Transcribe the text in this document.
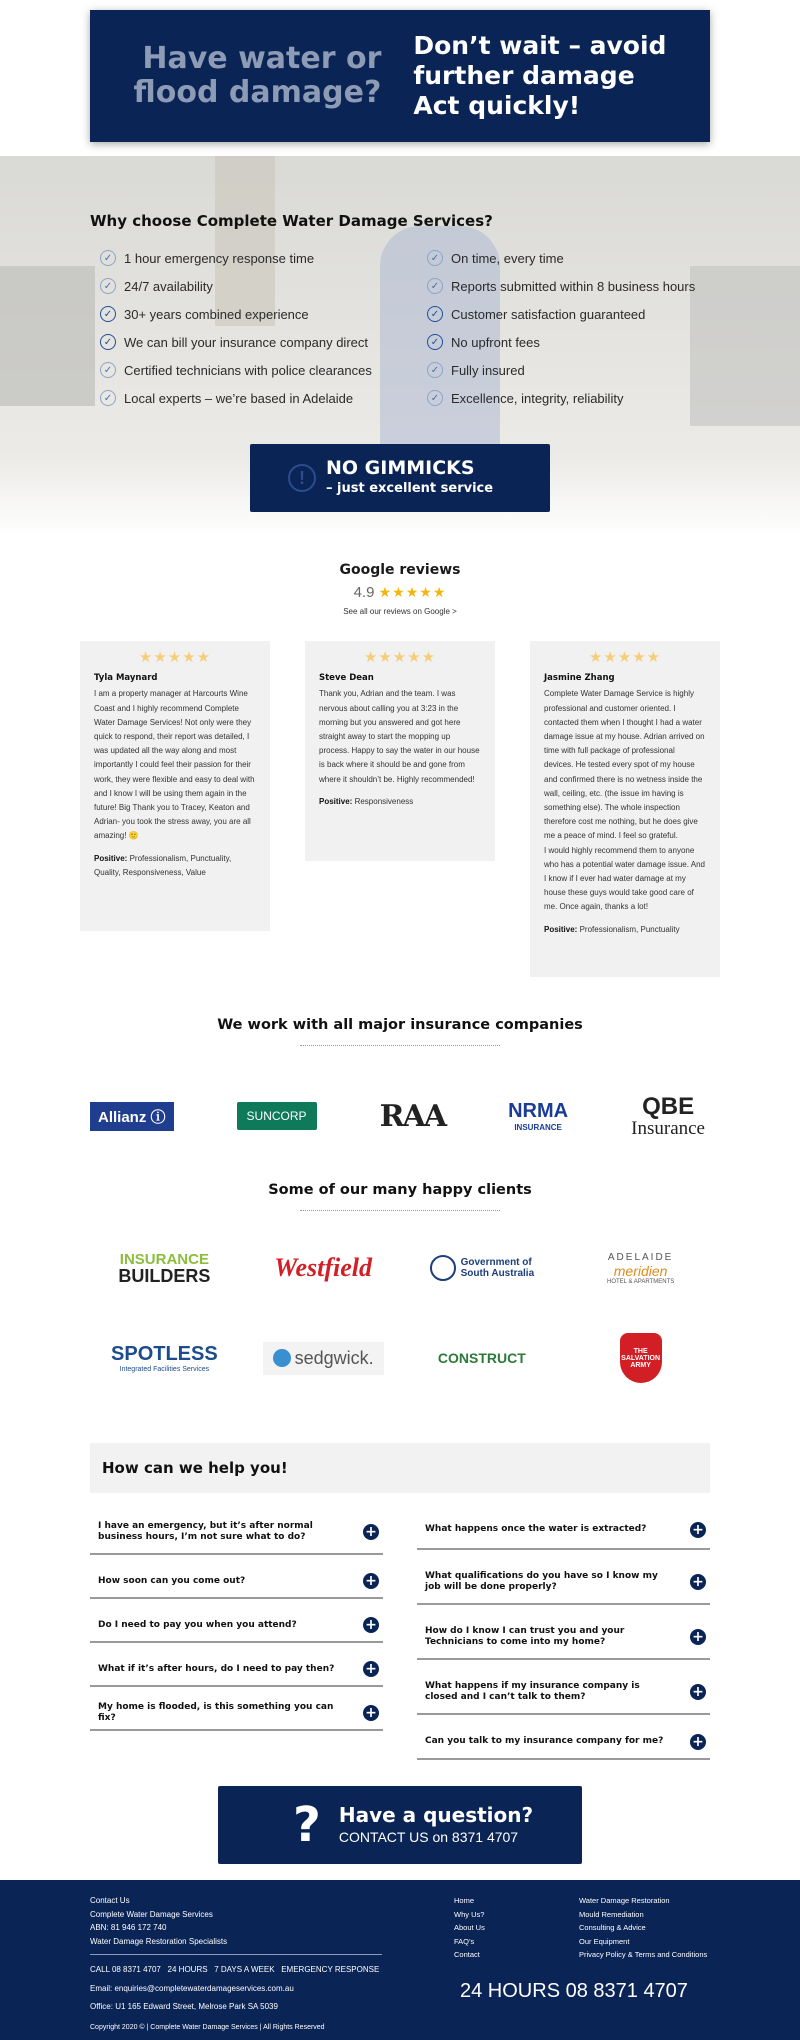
Have water or
flood damage?
Don’t wait – avoid
further damage
Act quickly!
Why choose Complete Water Damage Services?
✓ 1 hour emergency response time	✓ On time, every time
✓ 24/7 availability	✓ Reports submitted within 8 business hours
✓ 30+ years combined experience	✓ Customer satisfaction guaranteed
✓ We can bill your insurance company direct	✓ No upfront fees
✓ Certified technicians with police clearances	✓ Fully insured
✓ Local experts – we’re based in Adelaide	✓ Excellence, integrity, reliability
!	NO GIMMICKS
– just excellent service
Google reviews
4.9 ★★★★★
See all our reviews on Google >
★★★★★
Tyla Maynard
I am a property manager at Harcourts Wine Coast and I highly recommend Complete Water Damage Services! Not only were they quick to respond, their report was detailed, I was updated all the way along and most importantly I could feel their passion for their work, they were flexible and easy to deal with and I know I will be using them again in the future! Big Thank you to Tracey, Keaton and Adrian- you took the stress away, you are all amazing! 🙂
Positive: Professionalism, Punctuality, Quality, Responsiveness, Value
★★★★★
Steve Dean
Thank you, Adrian and the team. I was nervous about calling you at 3:23 in the morning but you answered and got here straight away to start the mopping up process. Happy to say the water in our house is back where it should be and gone from where it shouldn’t be. Highly recommended!
Positive: Responsiveness
★★★★★
Jasmine Zhang
Complete Water Damage Service is highly professional and customer oriented. I contacted them when I thought I had a water damage issue at my house. Adrian arrived on time with full package of professional devices. He tested every spot of my house and confirmed there is no wetness inside the wall, ceiling, etc. (the issue im having is something else). The whole inspection therefore cost me nothing, but he does give me a peace of mind. I feel so grateful.
I would highly recommend them to anyone who has a potential water damage issue. And I know if I ever had water damage at my house these guys would take good care of me. Once again, thanks a lot!
Positive: Professionalism, Punctuality
We work with all major insurance companies
Allianz ⓘ	SUNCORP	RAA	NRMA
INSURANCE
QBE
Insurance
Some of our many happy clients
INSURANCE
BUILDERS	Westfield	Government of
South Australia
ADELAIDE
meridien
HOTEL & APARTMENTS
SPOTLESS
Integrated Facilities Services
sedgwick.	CONSTRUCT	THE SALVATION ARMY
How can we help you!
I have an emergency, but it’s after normal business hours, I’m not sure what to do?	+
How soon can you come out?	+
Do I need to pay you when you attend?	+
What if it’s after hours, do I need to pay then? +
My home is flooded, is this something you can fix?	+
What happens once the water is extracted?	+
What qualifications do you have so I know my job will be done properly?	+
How do I know I can trust you and your Technicians to come into my home?	+
What happens if my insurance company is closed and I can’t talk to them?	+
Can you talk to my insurance company for me? +
? Have a question?
CONTACT US on 8371 4707
Contact Us
Complete Water Damage Services
ABN: 81 946 172 740
Water Damage Restoration Specialists
CALL 08 8371 4707   24 HOURS   7 DAYS A WEEK   EMERGENCY RESPONSE
Email: enquiries@completewaterdamageservices.com.au
Office: U1 165 Edward Street, Melrose Park SA 5039
Copyright 2020 © | Complete Water Damage Services | All Rights Reserved
Home
Why Us?
About Us
FAQ’s
Contact
Water Damage Restoration
Mould Remediation
Consulting & Advice
Our Equipment
Privacy Policy & Terms and Conditions
24 HOURS 08 8371 4707
